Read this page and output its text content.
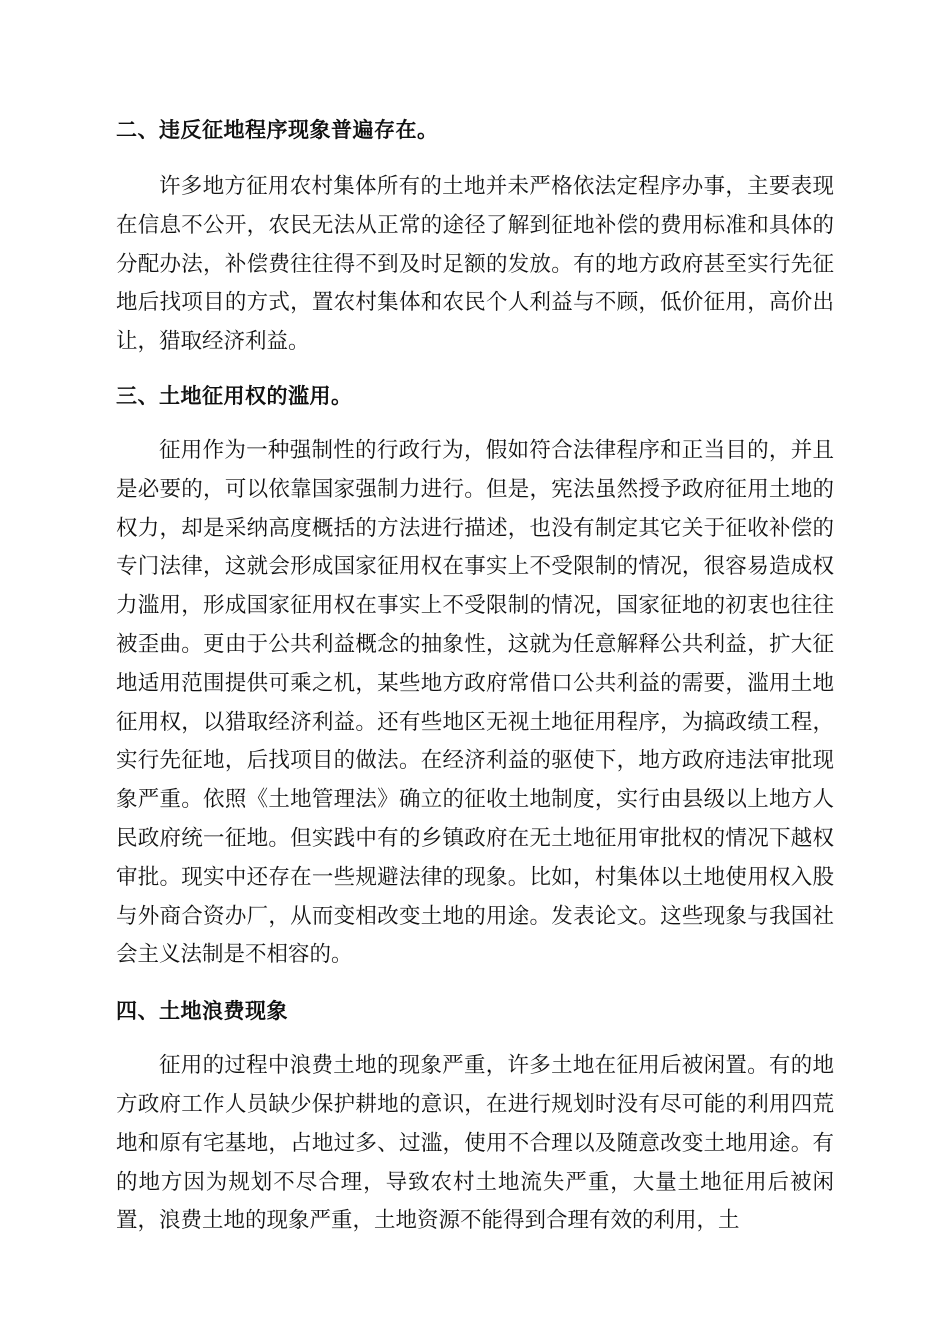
二、违反征地程序现象普遍存在。

许多地方征用农村集体所有的土地并未严格依法定程序办事，主要表现在信息不公开，农民无法从正常的途径了解到征地补偿的费用标准和具体的分配办法，补偿费往往得不到及时足额的发放。有的地方政府甚至实行先征地后找项目的方式，置农村集体和农民个人利益与不顾，低价征用，高价出让，猎取经济利益。

三、土地征用权的滥用。

征用作为一种强制性的行政行为，假如符合法律程序和正当目的，并且是必要的，可以依靠国家强制力进行。但是，宪法虽然授予政府征用土地的权力，却是采纳高度概括的方法进行描述，也没有制定其它关于征收补偿的专门法律，这就会形成国家征用权在事实上不受限制的情况，很容易造成权力滥用，形成国家征用权在事实上不受限制的情况，国家征地的初衷也往往被歪曲。更由于公共利益概念的抽象性，这就为任意解释公共利益，扩大征地适用范围提供可乘之机，某些地方政府常借口公共利益的需要，滥用土地征用权，以猎取经济利益。还有些地区无视土地征用程序，为搞政绩工程，实行先征地，后找项目的做法。在经济利益的驱使下，地方政府违法审批现象严重。依照《土地管理法》确立的征收土地制度，实行由县级以上地方人民政府统一征地。但实践中有的乡镇政府在无土地征用审批权的情况下越权审批。现实中还存在一些规避法律的现象。比如，村集体以土地使用权入股与外商合资办厂，从而变相改变土地的用途。发表论文。这些现象与我国社会主义法制是不相容的。

四、土地浪费现象

征用的过程中浪费土地的现象严重，许多土地在征用后被闲置。有的地方政府工作人员缺少保护耕地的意识，在进行规划时没有尽可能的利用四荒地和原有宅基地，占地过多、过滥，使用不合理以及随意改变土地用途。有的地方因为规划不尽合理，导致农村土地流失严重，大量土地征用后被闲置，浪费土地的现象严重，土地资源不能得到合理有效的利用，土
